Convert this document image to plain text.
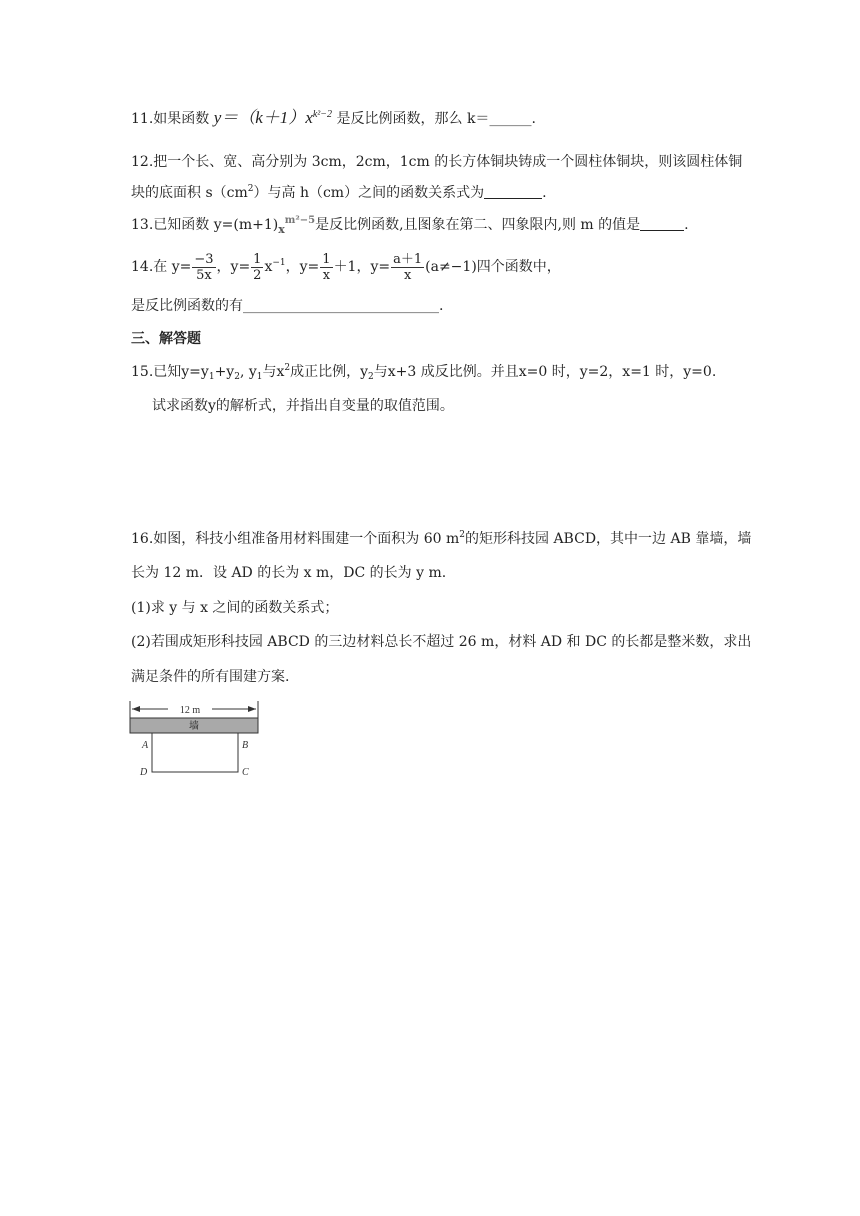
11.如果函数 $y=(k+1)x^{k^2-2}$ 是反比例函数，那么 k＝______.
12.把一个长、宽、高分别为 3cm，2cm，1cm 的长方体铜块铸成一个圆柱体铜块，则该圆柱体铜
块的底面积 $s(cm^2)$与高 h（cm）之间的函数关系式为	.
13.已知函数 $y=(m+1)_x^{m^2-5}$是反比例函数,且图象在第二、四象限内,则 m 的值是	.
14.在 $y= \frac{-3}{5x}$ ，$y= \frac{1}{2} x^{-1}$，$y= \frac{1}{x} +1$，$y= \frac{a+1}{x} (a\ne-1)$四个函数中，
是反比例函数的有____________________________.
三、解答题
15.已知$y=y_1+y_2$, $y_1$与$x^2$成正比例，$y_2$与x+3 成反比例。并且x=0 时，y=2，x=1 时，y=0.
试求函数y的解析式，并指出自变量的取值范围。
16.如图，科技小组准备用材料围建一个面积为 60 $m^2$的矩形科技园 ABCD，其中一边 AB 靠墙，墙
长为 12 m．设 AD 的长为 x m，DC 的长为 y m.
(1)求 y 与 x 之间的函数关系式；
(2)若围成矩形科技园 ABCD 的三边材料总长不超过 26 m，材料 AD 和 DC 的长都是整米数，求出
满足条件的所有围建方案.
12 m
墙
A	B
C
D
